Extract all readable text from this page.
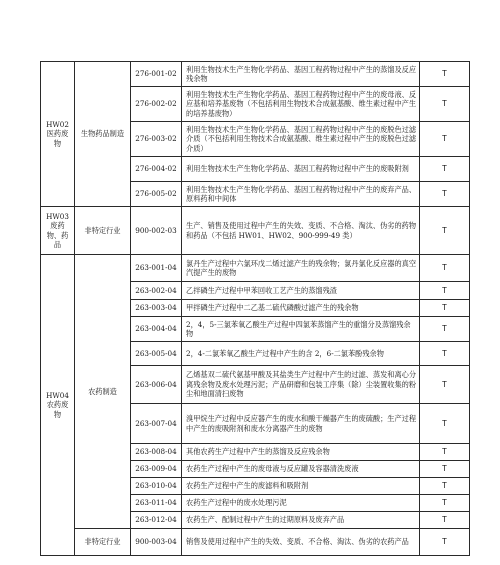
HW02 医药废物	生物药品制造	276-001-02	利用生物技术生产生物化学药品、基因工程药物过程中产生的蒸馏及反应残余物	T
		276-002-02	利用生物技术生产生物化学药品、基因工程药物过程中产生的废母液、反应基和培养基废物（不包括利用生物技术合成氨基酸、维生素过程中产生的培养基废物）	T
		276-003-02	利用生物技术生产生物化学药品、基因工程药物过程中产生的废脱色过滤介质（不包括利用生物技术合成氨基酸、维生素过程中产生的废脱色过滤介质）	T
		276-004-02	利用生物技术生产生物化学药品、基因工程药物过程中产生的废吸附剂	T
		276-005-02	利用生物技术生产生物化学药品、基因工程药物过程中产生的废弃产品、原料药和中间体	T
HW03 废药物、药品	非特定行业	900-002-03	生产、销售及使用过程中产生的失效、变质、不合格、淘汰、伪劣的药物和药品（不包括 HW01、HW02、900-999-49 类）	T
HW04 农药废物	农药制造	263-001-04	氯丹生产过程中六氯环戊二烯过滤产生的残余物；氯丹氯化反应器的真空汽提产生的废物	T
		263-002-04	乙拌磷生产过程中甲苯回收工艺产生的蒸馏残渣	T
		263-003-04	甲拌磷生产过程中二乙基二硫代磷酸过滤产生的残余物	T
		263-004-04	2，4，5-三氯苯氧乙酸生产过程中四氯苯蒸馏产生的重馏分及蒸馏残余物	T
		263-005-04	2，4-二氯苯氧乙酸生产过程中产生的含 2，6-二氯苯酚残余物	T
		263-006-04	乙烯基双二硫代氨基甲酸及其盐类生产过程中产生的过滤、蒸发和离心分离残余物及废水处理污泥；产品研磨和包装工序集（除）尘装置收集的粉尘和地面清扫废物	T
		263-007-04	溴甲烷生产过程中反应器产生的废水和酸干燥器产生的废硫酸；生产过程中产生的废吸附剂和废水分离器产生的废物	T
		263-008-04	其他农药生产过程中产生的蒸馏及反应残余物	T
		263-009-04	农药生产过程中产生的废母液与反应罐及容器清洗废液	T
		263-010-04	农药生产过程中产生的废滤料和吸附剂	T
		263-011-04	农药生产过程中的废水处理污泥	T
		263-012-04	农药生产、配制过程中产生的过期原料及废弃产品	T
	非特定行业	900-003-04	销售及使用过程中产生的失效、变质、不合格、淘汰、伪劣的农药产品	T
